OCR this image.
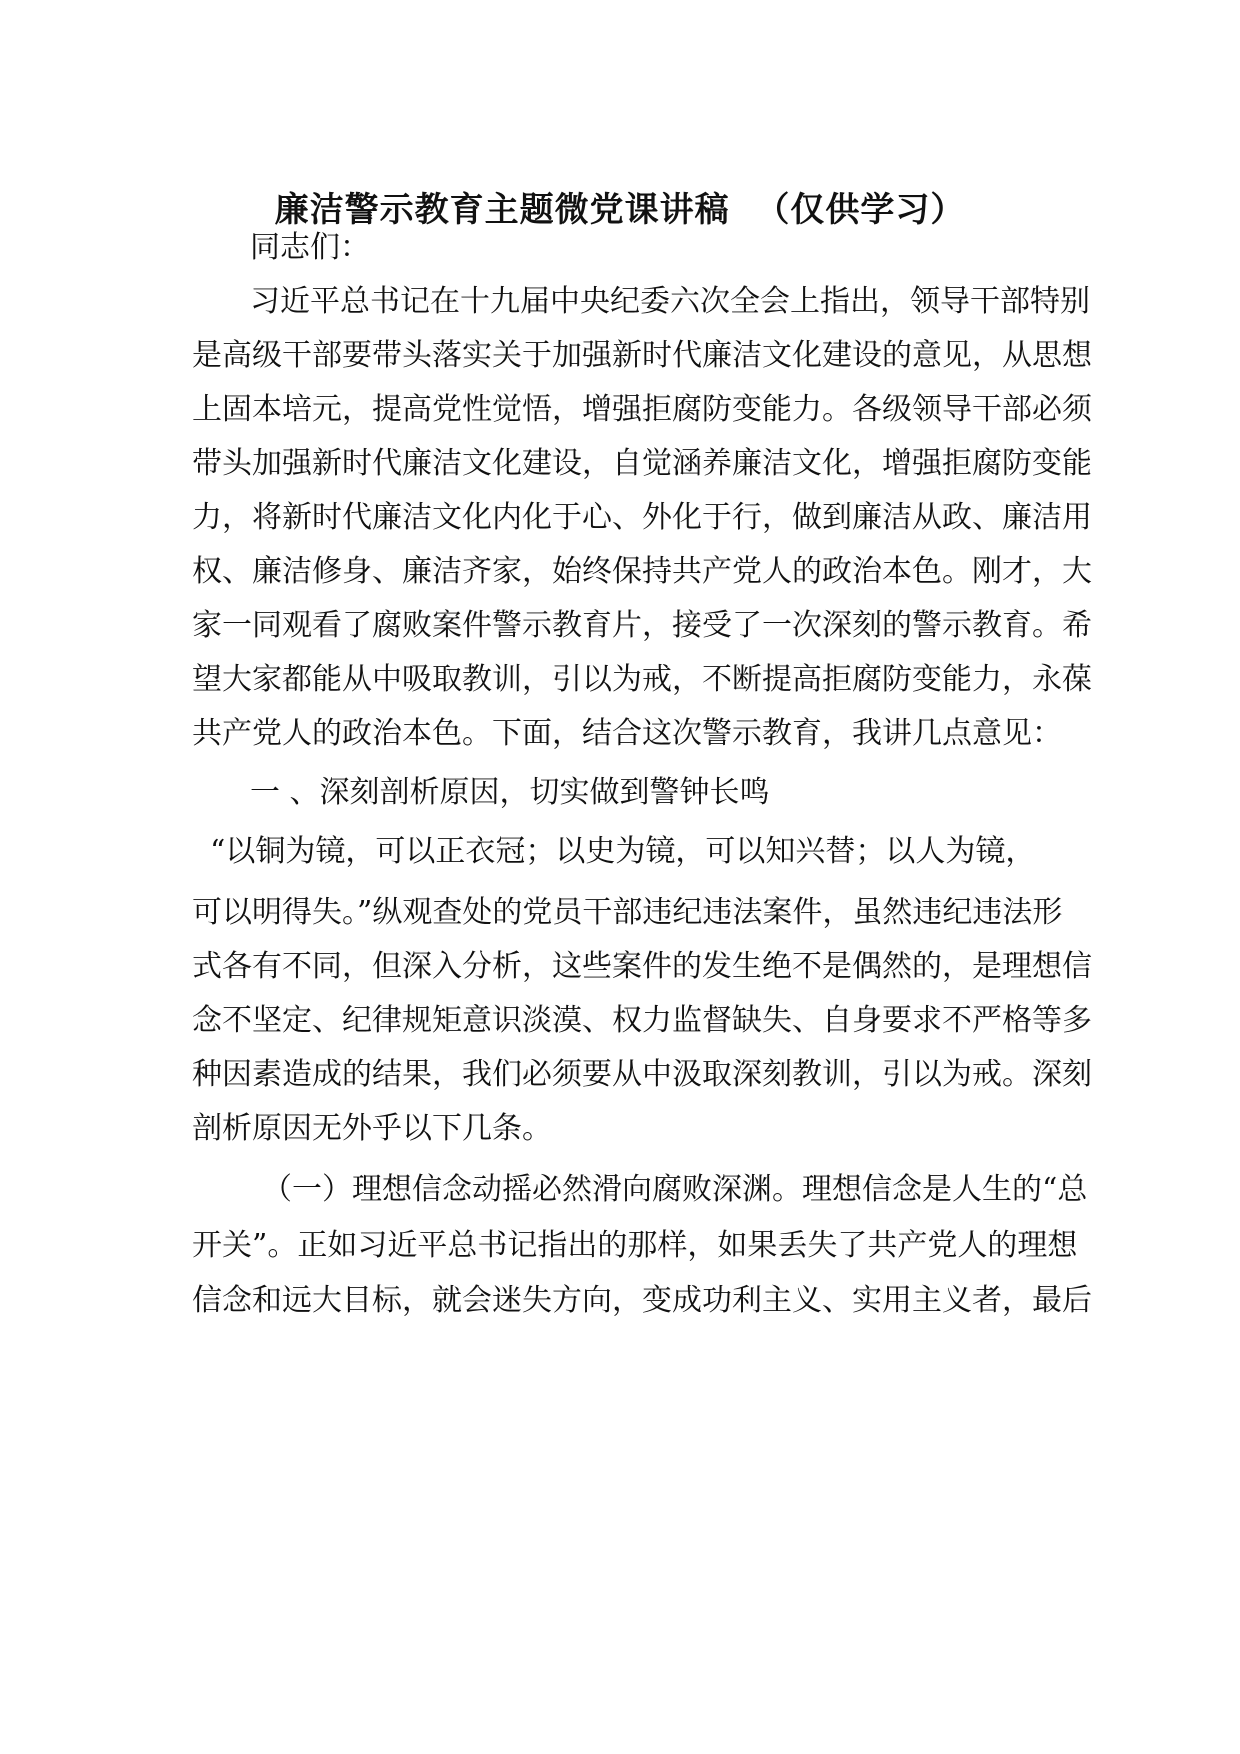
廉洁警示教育主题微党课讲稿  （仅供学习）
同志们：
习近平总书记在十九届中央纪委六次全会上指出，领导干部特别
是高级干部要带头落实关于加强新时代廉洁文化建设的意见，从思想
上固本培元，提高党性觉悟，增强拒腐防变能力。各级领导干部必须
带头加强新时代廉洁文化建设，自觉涵养廉洁文化，增强拒腐防变能
力，将新时代廉洁文化内化于心、外化于行，做到廉洁从政、廉洁用
权、廉洁修身、廉洁齐家，始终保持共产党人的政治本色。刚才，大
家一同观看了腐败案件警示教育片，接受了一次深刻的警示教育。希
望大家都能从中吸取教训，引以为戒，不断提高拒腐防变能力，永葆
共产党人的政治本色。下面，结合这次警示教育，我讲几点意见：
一 、深刻剖析原因，切实做到警钟长鸣
“以铜为镜，可以正衣冠；以史为镜，可以知兴替；以人为镜，
可以明得失。”纵观查处的党员干部违纪违法案件，虽然违纪违法形
式各有不同，但深入分析，这些案件的发生绝不是偶然的，是理想信
念不坚定、纪律规矩意识淡漠、权力监督缺失、自身要求不严格等多
种因素造成的结果，我们必须要从中汲取深刻教训，引以为戒。深刻
剖析原因无外乎以下几条。
（一）理想信念动摇必然滑向腐败深渊。理想信念是人生的“总
开关”。正如习近平总书记指出的那样，如果丢失了共产党人的理想
信念和远大目标，就会迷失方向，变成功利主义、实用主义者，最后
